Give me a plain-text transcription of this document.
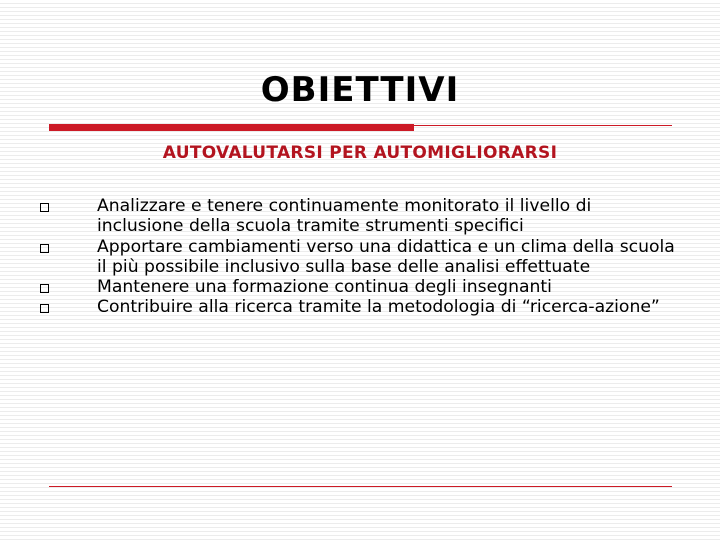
OBIETTIVI
AUTOVALUTARSI PER AUTOMIGLIORARSI
Analizzare e tenere continuamente monitorato il livello di inclusione della scuola tramite strumenti specifici
Apportare cambiamenti verso una didattica e un clima della scuola il più possibile inclusivo sulla base delle analisi effettuate
Mantenere una formazione continua degli insegnanti
Contribuire alla ricerca tramite la metodologia di “ricerca-azione”
